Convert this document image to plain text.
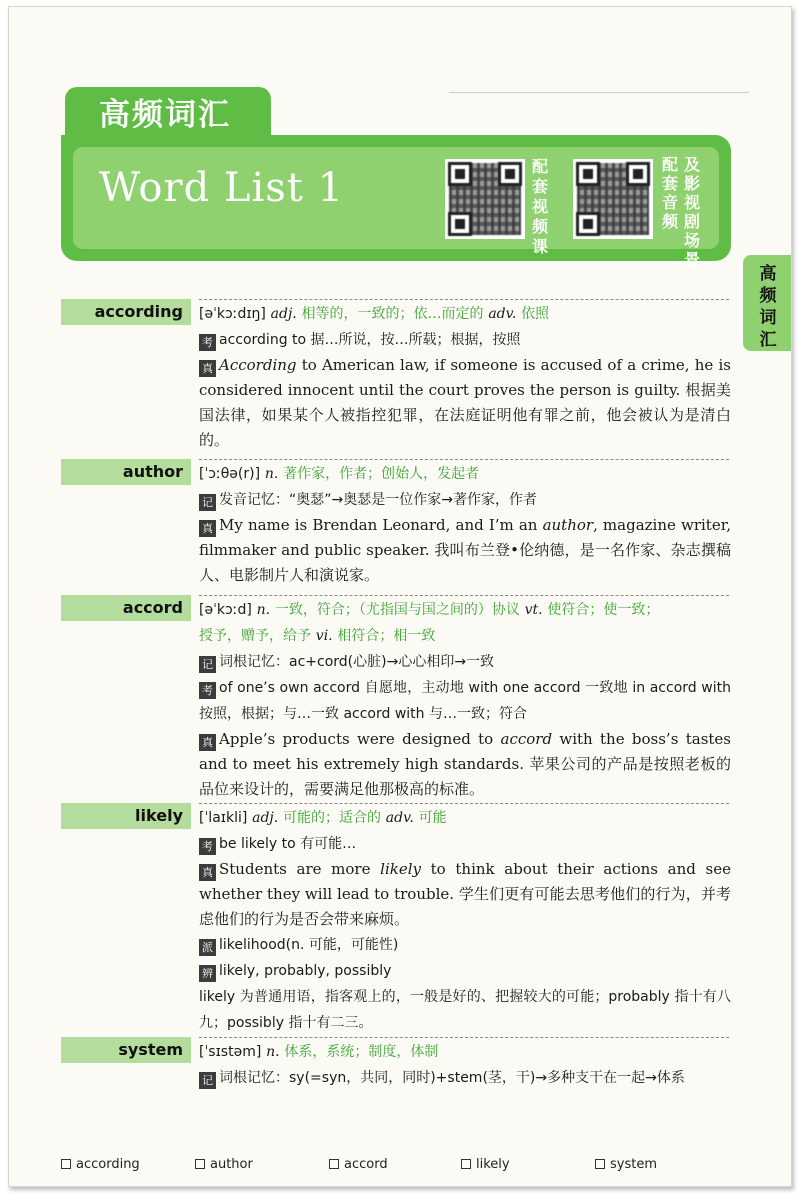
高频词汇
Word List 1	配
套
视
频
课
配
套
音
频
及
影
视
剧
场
景
高
频
词
汇
according	[əˈkɔːdɪŋ] adj. 相等的，一致的；依…而定的 adv. 依照
考 according to 据…所说，按…所载；根据，按照
真 According to American law, if someone is accused of a crime, he is considered innocent until the court proves the person is guilty. 根据美国法律，如果某个人被指控犯罪，在法庭证明他有罪之前，他会被认为是清白的。
author	[ˈɔːθə(r)] n. 著作家，作者；创始人，发起者
记 发音记忆：“奥瑟”→奥瑟是一位作家→著作家，作者
真 My name is Brendan Leonard, and I’m an author, magazine writer, filmmaker and public speaker. 我叫布兰登•伦纳德，是一名作家、杂志撰稿人、电影制片人和演说家。
accord	[əˈkɔːd] n. 一致，符合；（尤指国与国之间的）协议 vt. 使符合；使一致；
授予，赠予，给予 vi. 相符合；相一致
记 词根记忆：ac+cord(心脏)→心心相印→一致
考 of one’s own accord 自愿地，主动地 with one accord 一致地 in accord with 按照，根据；与…一致 accord with 与…一致；符合
真 Apple’s products were designed to accord with the boss’s tastes and to meet his extremely high standards. 苹果公司的产品是按照老板的品位来设计的，需要满足他那极高的标准。
likely	[ˈlaɪkli] adj. 可能的；适合的 adv. 可能
考 be likely to 有可能…
真 Students are more likely to think about their actions and see whether they will lead to trouble. 学生们更有可能去思考他们的行为，并考虑他们的行为是否会带来麻烦。
派 likelihood(n. 可能，可能性)
辨 likely, probably, possibly
likely 为普通用语，指客观上的，一般是好的、把握较大的可能；probably 指十有八九；possibly 指十有二三。
system	[ˈsɪstəm] n. 体系，系统；制度，体制
记 词根记忆：sy(=syn，共同，同时)+stem(茎，干)→多种支干在一起→体系
according	author	accord	likely	system
